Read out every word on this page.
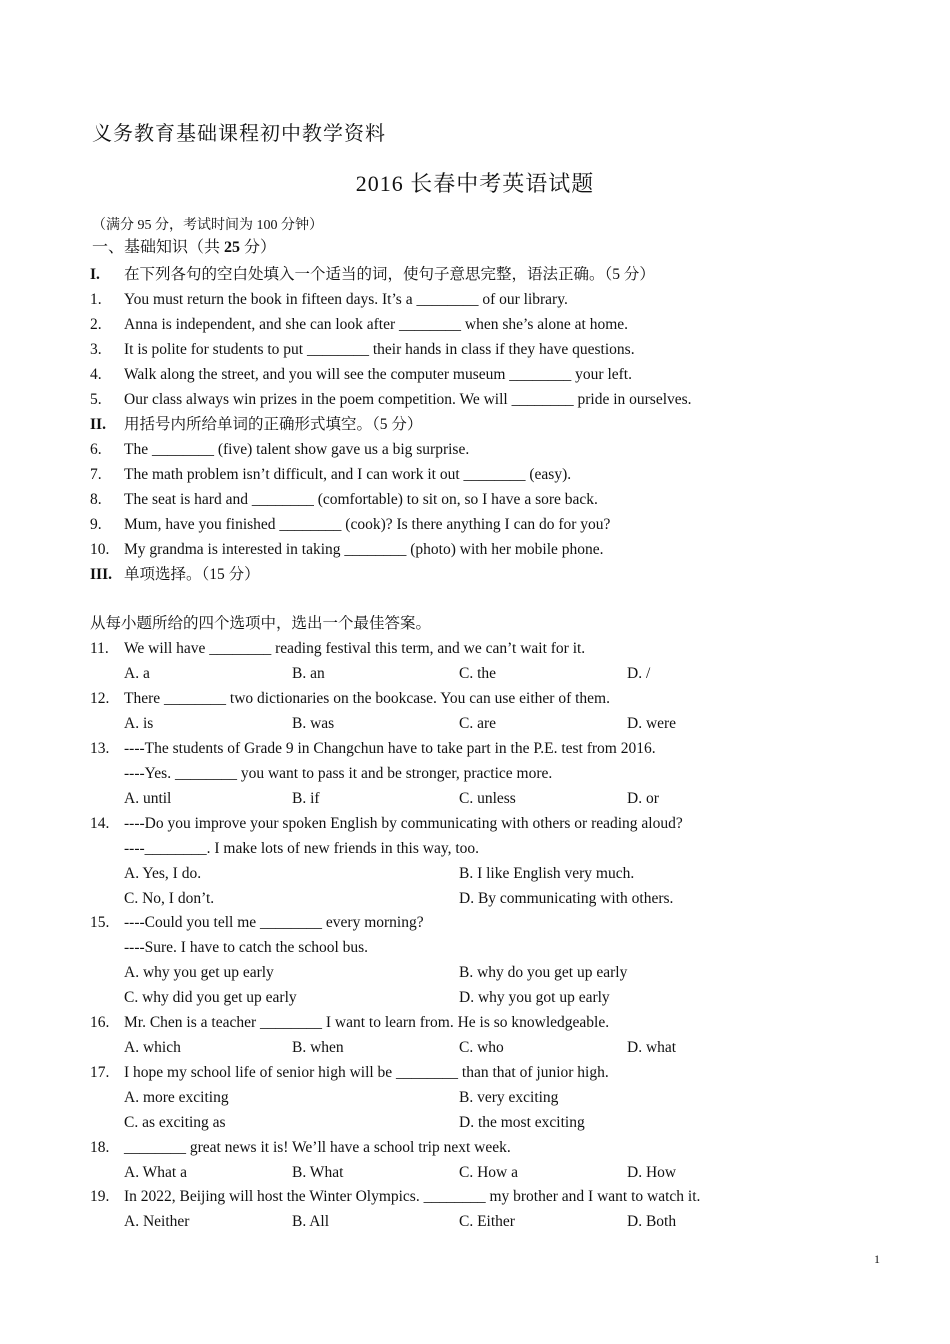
义务教育基础课程初中教学资料
2016 长春中考英语试题
（满分 95 分，考试时间为 100 分钟）
一、基础知识（共 25 分）
I. 在下列各句的空白处填入一个适当的词，使句子意思完整，语法正确。（5 分）
1. You must return the book in fifteen days. It’s a ________ of our library.
2. Anna is independent, and she can look after ________ when she’s alone at home.
3. It is polite for students to put ________ their hands in class if they have questions.
4. Walk along the street, and you will see the computer museum ________ your left.
5. Our class always win prizes in the poem competition. We will ________ pride in ourselves.
II. 用括号内所给单词的正确形式填空。（5 分）
6. The ________ (five) talent show gave us a big surprise.
7. The math problem isn’t difficult, and I can work it out ________ (easy).
8. The seat is hard and ________ (comfortable) to sit on, so I have a sore back.
9. Mum, have you finished ________ (cook)? Is there anything I can do for you?
10. My grandma is interested in taking ________ (photo) with her mobile phone.
III. 单项选择。（15 分）
从每小题所给的四个选项中，选出一个最佳答案。
11. We will have ________ reading festival this term, and we can’t wait for it.
A. a	B. an	C. the	D. /
12. There ________ two dictionaries on the bookcase. You can use either of them.
A. is	B. was	C. are	D. were
13. ----The students of Grade 9 in Changchun have to take part in the P.E. test from 2016.
----Yes. ________ you want to pass it and be stronger, practice more.
A. until	B. if	C. unless	D. or
14. ----Do you improve your spoken English by communicating with others or reading aloud?
----________. I make lots of new friends in this way, too.
A. Yes, I do.	B. I like English very much.
C. No, I don’t.	D. By communicating with others.
15. ----Could you tell me ________ every morning?
----Sure. I have to catch the school bus.
A. why you get up early	B. why do you get up early
C. why did you get up early	D. why you got up early
16. Mr. Chen is a teacher ________ I want to learn from. He is so knowledgeable.
A. which	B. when	C. who	D. what
17. I hope my school life of senior high will be ________ than that of junior high.
A. more exciting	B. very exciting
C. as exciting as	D. the most exciting
18. ________ great news it is! We’ll have a school trip next week.
A. What a	B. What	C. How a	D. How
19. In 2022, Beijing will host the Winter Olympics. ________ my brother and I want to watch it.
A. Neither	B. All	C. Either	D. Both
1
